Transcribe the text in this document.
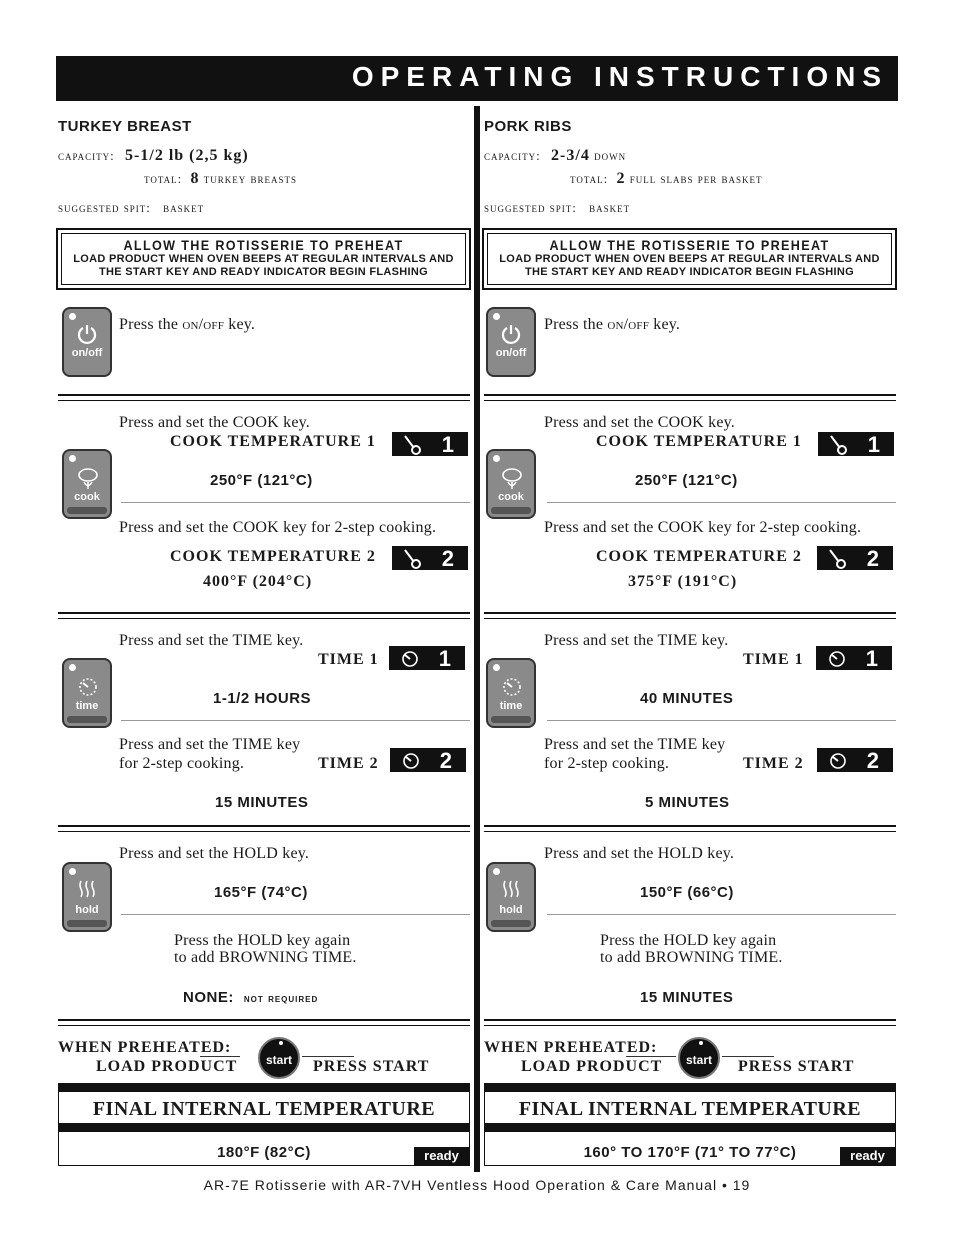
OPERATING INSTRUCTIONS
TURKEY BREAST
capacity: 5-1/2 lb (2,5 kg)
total: 8 turkey breasts
suggested spit: basket
ALLOW THE ROTISSERIE TO PREHEAT
LOAD PRODUCT WHEN OVEN BEEPS AT REGULAR INTERVALS AND
THE START KEY AND READY INDICATOR BEGIN FLASHING
on/off
Press the on/off key.
Press and set the COOK key.
COOK TEMPERATURE 1	1
cook
250°F (121°C)
Press and set the COOK key for 2-step cooking.
COOK TEMPERATURE 2	2
400°F (204°C)
Press and set the TIME key.
TIME 1	1
time	1-1/2 HOURS
Press and set the TIME key
for 2-step cooking.	TIME 2	2
15 MINUTES
Press and set the HOLD key.
hold
165°F (74°C)
Press the HOLD key again
to add BROWNING TIME.
NONE: not required
WHEN PREHEATED:
start
LOAD PRODUCT	PRESS START
FINAL INTERNAL TEMPERATURE
180°F (82°C)	ready
PORK RIBS
capacity: 2-3/4 down
total: 2 full slabs per basket
suggested spit: basket
ALLOW THE ROTISSERIE TO PREHEAT
LOAD PRODUCT WHEN OVEN BEEPS AT REGULAR INTERVALS AND
THE START KEY AND READY INDICATOR BEGIN FLASHING
on/off
Press the on/off key.
Press and set the COOK key.
COOK TEMPERATURE 1	1
cook
250°F (121°C)
Press and set the COOK key for 2-step cooking.
COOK TEMPERATURE 2	2
375°F (191°C)
Press and set the TIME key.
TIME 1	1
time	40 MINUTES
Press and set the TIME key
for 2-step cooking.	TIME 2	2
5 MINUTES
Press and set the HOLD key.
hold
150°F (66°C)
Press the HOLD key again
to add BROWNING TIME.
15 MINUTES
WHEN PREHEATED:
start
LOAD PRODUCT	PRESS START
FINAL INTERNAL TEMPERATURE
160° TO 170°F (71° TO 77°C)	ready
AR-7E Rotisserie with AR-7VH Ventless Hood Operation & Care Manual • 19
